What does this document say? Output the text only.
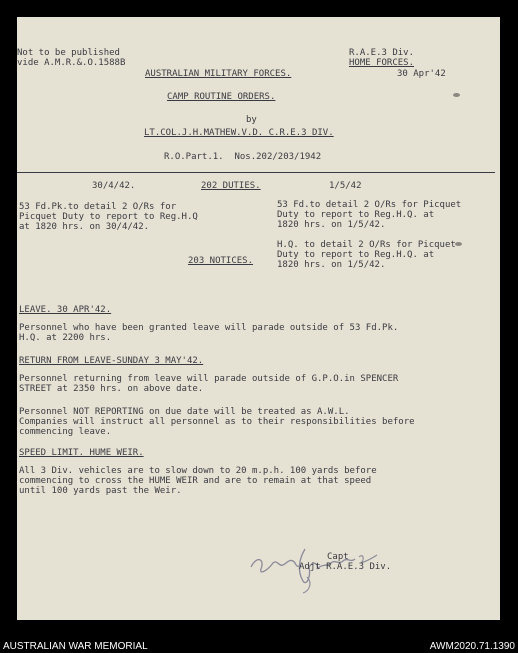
Not to be published
vide A.M.R.&.O.1588B
R.A.E.3 Div.
HOME FORCES.
30 Apr'42
AUSTRALIAN MILITARY FORCES.
CAMP ROUTINE ORDERS.
by
LT.COL.J.H.MATHEW.V.D. C.R.E.3 DIV.
R.O.Part.1.  Nos.202/203/1942
30/4/42.	202 DUTIES.	1/5/42
53 Fd.Pk.to detail 2 O/Rs for
Picquet Duty to report to Reg.H.Q
at 1820 hrs. on 30/4/42.
53 Fd.to detail 2 O/Rs for Picquet
Duty to report to Reg.H.Q. at
1820 hrs. on 1/5/42.
H.Q. to detail 2 O/Rs for Picquet
Duty to report to Reg.H.Q. at
1820 hrs. on 1/5/42.
203 NOTICES.
LEAVE. 30 APR'42.
Personnel who have been granted leave will parade outside of 53 Fd.Pk.
H.Q. at 2200 hrs.
RETURN FROM LEAVE-SUNDAY 3 MAY'42.
Personnel returning from leave will parade outside of G.P.O.in SPENCER
STREET at 2350 hrs. on above date.
Personnel NOT REPORTING on due date will be treated as A.W.L.
Companies will instruct all personnel as to their responsibilities before
commencing leave.
SPEED LIMIT. HUME WEIR.
All 3 Div. vehicles are to slow down to 20 m.p.h. 100 yards before
commencing to cross the HUME WEIR and are to remain at that speed
until 100 yards past the Weir.
Capt
Adjt R.A.E.3 Div.
AUSTRALIAN WAR MEMORIAL	AWM2020.71.1390
